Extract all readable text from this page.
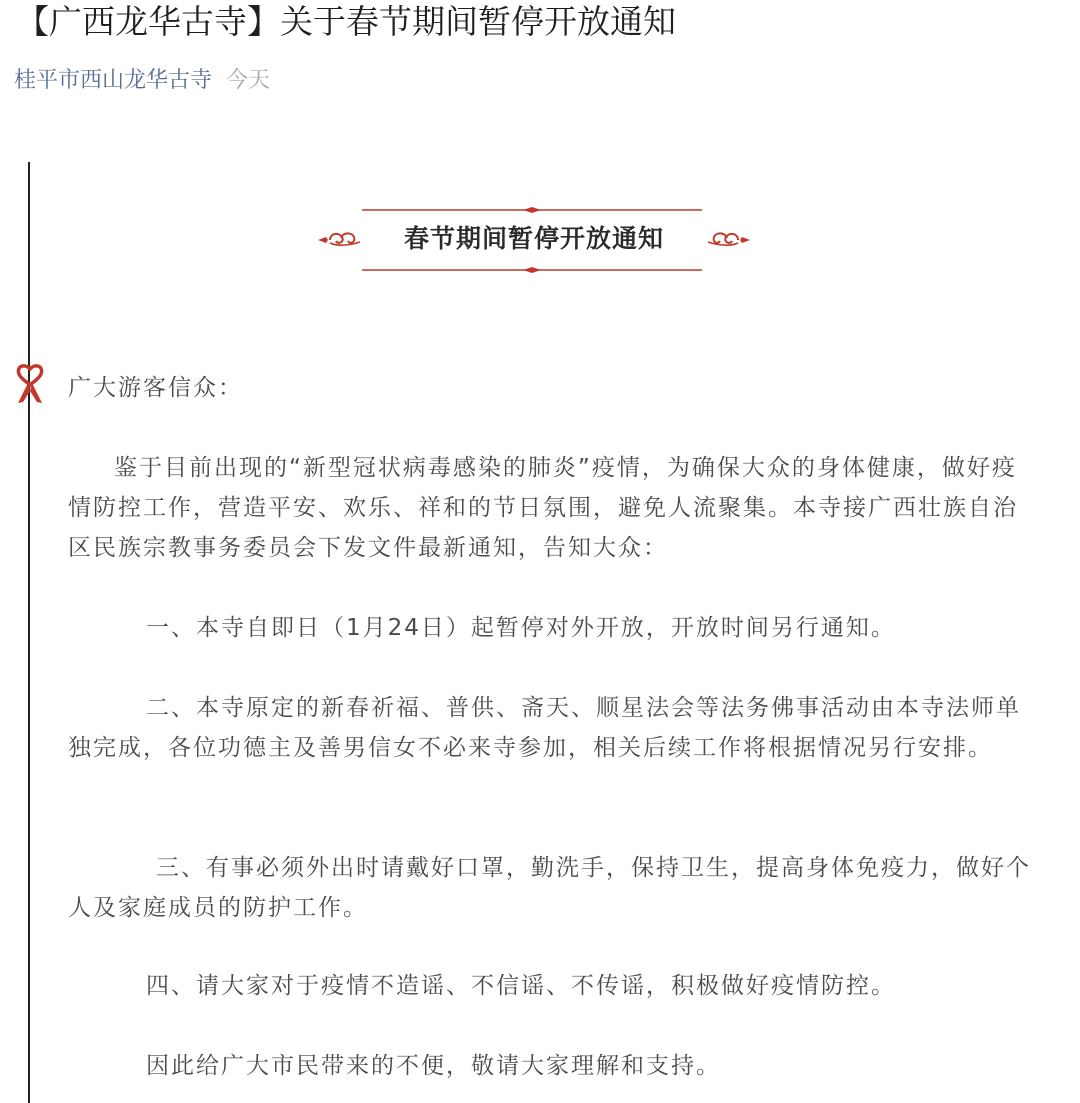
【广西龙华古寺】关于春节期间暂停开放通知
桂平市西山龙华古寺 今天
春节期间暂停开放通知

广大游客信众：

鉴于目前出现的“新型冠状病毒感染的肺炎”疫情，为确保大众的身体健康，做好疫情防控工作，营造平安、欢乐、祥和的节日氛围，避免人流聚集。本寺接广西壮族自治区民族宗教事务委员会下发文件最新通知，告知大众：

一、本寺自即日（1月24日）起暂停对外开放，开放时间另行通知。

二、本寺原定的新春祈福、普供、斋天、顺星法会等法务佛事活动由本寺法师单独完成，各位功德主及善男信女不必来寺参加，相关后续工作将根据情况另行安排。

三、有事必须外出时请戴好口罩，勤洗手，保持卫生，提高身体免疫力，做好个人及家庭成员的防护工作。

四、请大家对于疫情不造谣、不信谣、不传谣，积极做好疫情防控。

因此给广大市民带来的不便，敬请大家理解和支持。
